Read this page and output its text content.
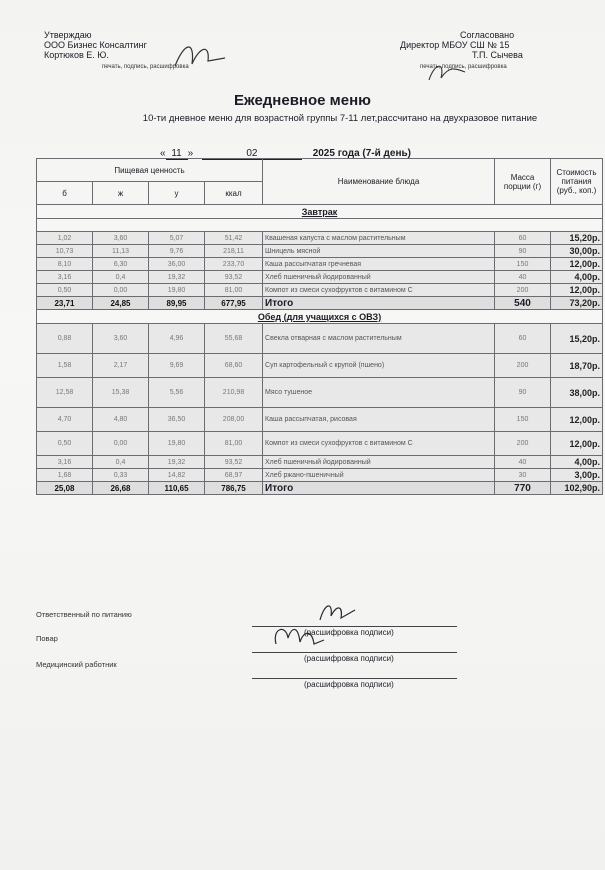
Утверждаю
ООО Бизнес Консалтинг
Кортюков Е. Ю.
печать, подпись, расшифровка
Согласовано
Директор МБОУ СШ № 15
Т.П. Сычева
печать, подпись, расшифровка
Ежедневное меню
10-ти дневное меню для возрастной группы 7-11 лет,рассчитано на двухразовое питание
« 11 »	02	2025 года (7-й день)
Пищевая ценность				Наименование блюда	Масса порции (г)	Стоимость питания (руб., коп.)
б	ж	у	ккал			
Завтрак						

1,02	3,60	5,07	51,42	Квашеная капуста с маслом растительным	60	15,20р.
10,73	11,13	9,76	218,11	Шницель мясной	90	30,00р.
8,10	6,30	36,00	233,70	Каша рассыпчатая гречневая	150	12,00р.
3,16	0,4	19,32	93,52	Хлеб пшеничный йодированный	40	4,00р.
0,50	0,00	19,80	81,00	Компот из смеси сухофруктов с витамином С	200	12,00р.
23,71	24,85	89,95	677,95	Итого	540	73,20р.
Обед (для учащихся с ОВЗ)						
0,88	3,60	4,96	55,68	Свекла отварная с маслом растительным	60	15,20р.
1,58	2,17	9,69	68,60	Суп картофельный с крупой (пшено)	200	18,70р.
12,58	15,38	5,56	210,98	Мясо тушеное	90	38,00р.
4,70	4,80	36,50	208,00	Каша рассыпчатая, рисовая	150	12,00р.
0,50	0,00	19,80	81,00	Компот из смеси сухофруктов с витамином С	200	12,00р.
3,16	0,4	19,32	93,52	Хлеб пшеничный йодированный	40	4,00р.
1,68	0,33	14,82	68,97	Хлеб ржано-пшеничный	30	3,00р.
25,08	26,68	110,65	786,75	Итого	770	102,90р.
Ответственный по питанию
Повар
Медицинский работник
(расшифровка подписи)
(расшифровка подписи)
(расшифровка подписи)
